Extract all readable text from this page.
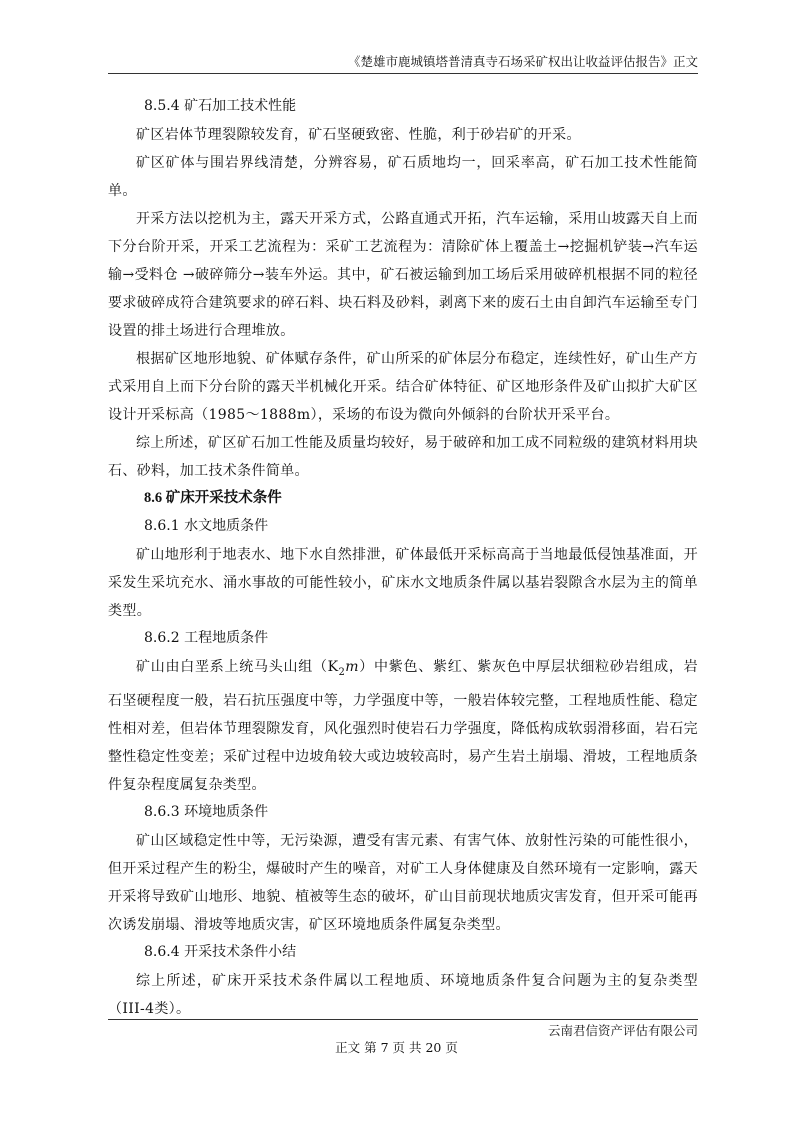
《楚雄市鹿城镇塔普清真寺石场采矿权出让收益评估报告》正文
8.5.4 矿石加工技术性能

矿区岩体节理裂隙较发育，矿石坚硬致密、性脆，利于砂岩矿的开采。

矿区矿体与围岩界线清楚，分辨容易，矿石质地均一，回采率高，矿石加工技术性能简单。

开采方法以挖机为主，露天开采方式，公路直通式开拓，汽车运输，采用山坡露天自上而下分台阶开采，开采工艺流程为：采矿工艺流程为：清除矿体上覆盖土→挖掘机铲装→汽车运输→受料仓 →破碎筛分→装车外运。其中，矿石被运输到加工场后采用破碎机根据不同的粒径要求破碎成符合建筑要求的碎石料、块石料及砂料，剥离下来的废石土由自卸汽车运输至专门设置的排土场进行合理堆放。

根据矿区地形地貌、矿体赋存条件，矿山所采的矿体层分布稳定，连续性好，矿山生产方式采用自上而下分台阶的露天半机械化开采。结合矿体特征、矿区地形条件及矿山拟扩大矿区设计开采标高（1985～1888m），采场的布设为微向外倾斜的台阶状开采平台。

综上所述，矿区矿石加工性能及质量均较好，易于破碎和加工成不同粒级的建筑材料用块石、砂料，加工技术条件简单。

8.6 矿床开采技术条件
8.6.1 水文地质条件

矿山地形利于地表水、地下水自然排泄，矿体最低开采标高高于当地最低侵蚀基准面，开采发生采坑充水、涌水事故的可能性较小，矿床水文地质条件属以基岩裂隙含水层为主的简单类型。

8.6.2 工程地质条件

矿山由白垩系上统马头山组$(K_2m)$中紫色、紫红、紫灰色中厚层状细粒砂岩组成，岩石坚硬程度一般，岩石抗压强度中等，力学强度中等，一般岩体较完整，工程地质性能、稳定性相对差，但岩体节理裂隙发育，风化强烈时使岩石力学强度，降低构成软弱滑移面，岩石完整性稳定性变差；采矿过程中边坡角较大或边坡较高时，易产生岩土崩塌、滑坡，工程地质条件复杂程度属复杂类型。

8.6.3 环境地质条件

矿山区域稳定性中等，无污染源，遭受有害元素、有害气体、放射性污染的可能性很小，但开采过程产生的粉尘，爆破时产生的噪音，对矿工人身体健康及自然环境有一定影响，露天开采将导致矿山地形、地貌、植被等生态的破坏，矿山目前现状地质灾害发育，但开采可能再次诱发崩塌、滑坡等地质灾害，矿区环境地质条件属复杂类型。

8.6.4 开采技术条件小结

综上所述，矿床开采技术条件属以工程地质、环境地质条件复合问题为主的复杂类型（III-4类）。

云南君信资产评估有限公司
正文 第 7 页 共 20 页
